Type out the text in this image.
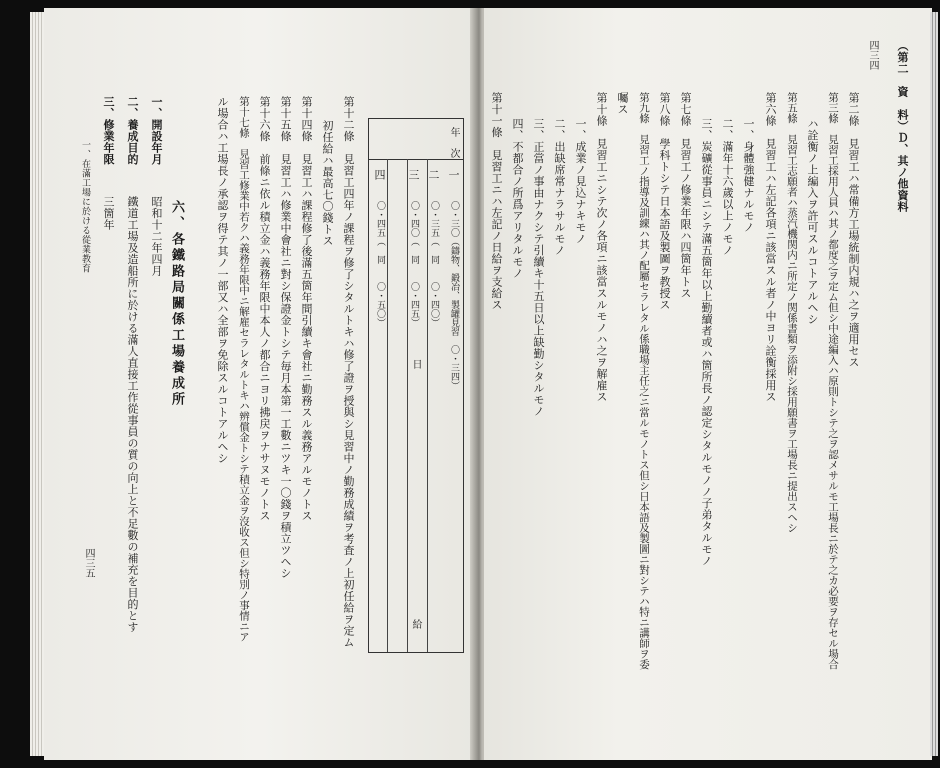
四三四 （第二　資　料）Ｄ、其ノ他資料
第二條　見習工ハ常備方工場統制内規ハ之ヲ適用セス
第三條　見習工採用人員ハ其ノ都度之ヲ定ム但シ中途編入ハ原則トシテ之ヲ認メサルモ工場長ニ於テ之カ必要ヲ存セル場合
ハ詮衡ノ上編入ヲ許可スルコトアルヘシ
第五條　見習工志願者ハ蒸汽機関内ニ所定ノ関係書類ヲ添附シ採用願書ヲ工場長ニ提出スヘシ
第六條　見習工ハ左記各項ニ該當スル者ノ中ヨリ詮衡採用ス
一、身體強健ナルモノ
二、滿年十六歲以上ノモノ
三、炭礦從事員ニシテ滿五箇年以上勤續者或ハ箇所長ノ認定シタルモノノ子弟タルモノ
第七條　見習工ノ修業年限ハ四箇年トス
第八條　學科トシテ日本語及製圖ヲ教授ス
第九條　見習工ノ指導及訓練ハ其ノ配屬セラレタル係職場主任之ニ當ルモノトス但シ日本語及製圖ニ對シテハ特ニ講師ヲ委
囑ス
第十條　見習工ニシテ次ノ各項ニ該當スルモノハ之ヲ解雇ス
一、成業ノ見込ナキモノ
二、出缺席常ナラサルモノ
三、正當ノ事由ナクシテ引續キ十五日以上缺勤シタルモノ
四、不都合ノ所爲アリタルモノ
第十一條　見習工ニハ左記ノ日給ヲ支給ス
年　次
日
給
一
〇・三〇（鑄物、鍛冶、製罐見習　〇・三四）
二
〇・三五（　同　　〇・四〇）
三
〇・四〇（　同　　〇・四五）
四
〇・四五（　同　　〇・五〇）
第十二條　見習工四年ノ課程ヲ修了シタルトキハ修了證ヲ授與シ見習中ノ勤務成績ヲ考査ノ上初任給ヲ定ム
初任給ハ最高七〇錢トス
第十四條　見習工ハ課程修了後滿五箇年間引續キ會社ニ勤務スル義務アルモノトス
第十五條　見習工ハ修業中會社ニ對シ保證金トシテ毎月本第一工數ニツキ一〇錢ヲ積立ツヘシ
第十六條　前條ニ依ル積立金ハ義務年限中本人ノ都合ニヨリ拂戻ヲナサヌモノトス
第十七條　見習工修業中若クハ義務年限中ニ解雇セラレタルトキハ辨償金トシテ積立金ヲ沒收ス但シ特別ノ事情ニア
ル場合ハ工場長ノ承認ヲ得テ其ノ一部又ハ全部ヲ免除スルコトアルヘシ
六、各鐵路局關係工場養成所
一、開設年月
昭和十二年四月
二、養成目的
鐵道工場及造船所に於ける滿人直接工作從事員の質の向上と不足數の補充を目的とす
三、修業年限
三箇年
一、在滿工場に於ける從業教育
四三五
